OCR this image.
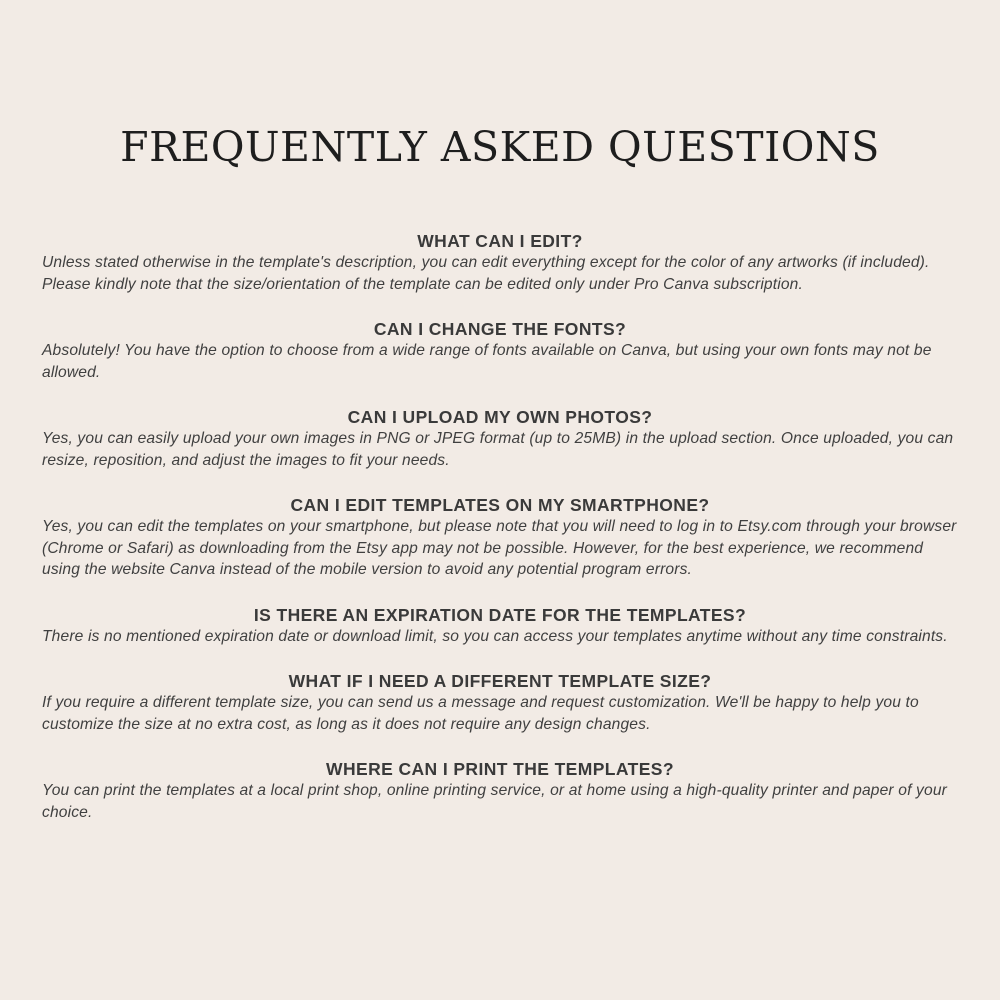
FREQUENTLY ASKED QUESTIONS
WHAT CAN I EDIT?

Unless stated otherwise in the template's description, you can edit everything except for the color of any artworks (if included). Please kindly note that the size/orientation of the template can be edited only under Pro Canva subscription.

CAN I CHANGE THE FONTS?

Absolutely! You have the option to choose from a wide range of fonts available on Canva, but using your own fonts may not be allowed.

CAN I UPLOAD MY OWN PHOTOS?

Yes, you can easily upload your own images in PNG or JPEG format (up to 25MB) in the upload section. Once uploaded, you can resize, reposition, and adjust the images to fit your needs.

CAN I EDIT TEMPLATES ON MY SMARTPHONE?

Yes, you can edit the templates on your smartphone, but please note that you will need to log in to Etsy.com through your browser (Chrome or Safari) as downloading from the Etsy app may not be possible. However, for the best experience, we recommend using the website Canva instead of the mobile version to avoid any potential program errors.

IS THERE AN EXPIRATION DATE FOR THE TEMPLATES?

There is no mentioned expiration date or download limit, so you can access your templates anytime without any time constraints.

WHAT IF I NEED A DIFFERENT TEMPLATE SIZE?

If you require a different template size, you can send us a message and request customization. We'll be happy to help you to customize the size at no extra cost, as long as it does not require any design changes.

WHERE CAN I PRINT THE TEMPLATES?

You can print the templates at a local print shop, online printing service, or at home using a high-quality printer and paper of your choice.
